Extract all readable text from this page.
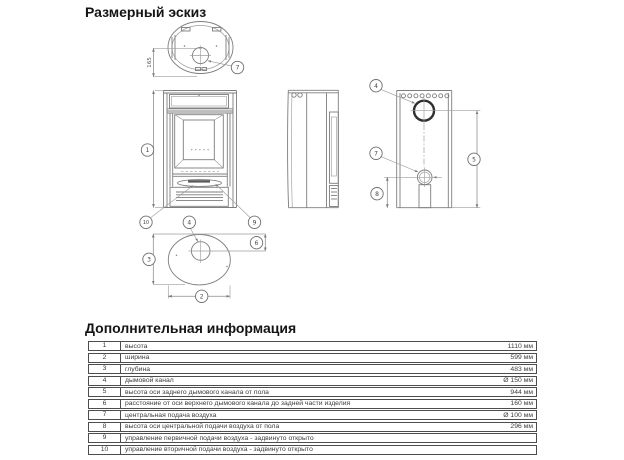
Размерный эскиз
165
7
1
10	4	9
3
6
2
4
7
8
5
Дополнительная информация
1	высота	1110 мм
2	ширина	599 мм
3	глубина	483 мм
4	дымовой канал	Ø 150 мм
5	высота оси заднего дымового канала от пола	944 мм
6	расстояние от оси верхнего дымового канала до задней части изделия	160 мм
7	центральная подача воздуха	Ø 100 мм
8	высота оси центральной подачи воздуха от пола	296 мм
9	управление первичной подачи воздуха - задвинуто открыто
10	управление вторичной подачи воздуха - задвинуто открыто
